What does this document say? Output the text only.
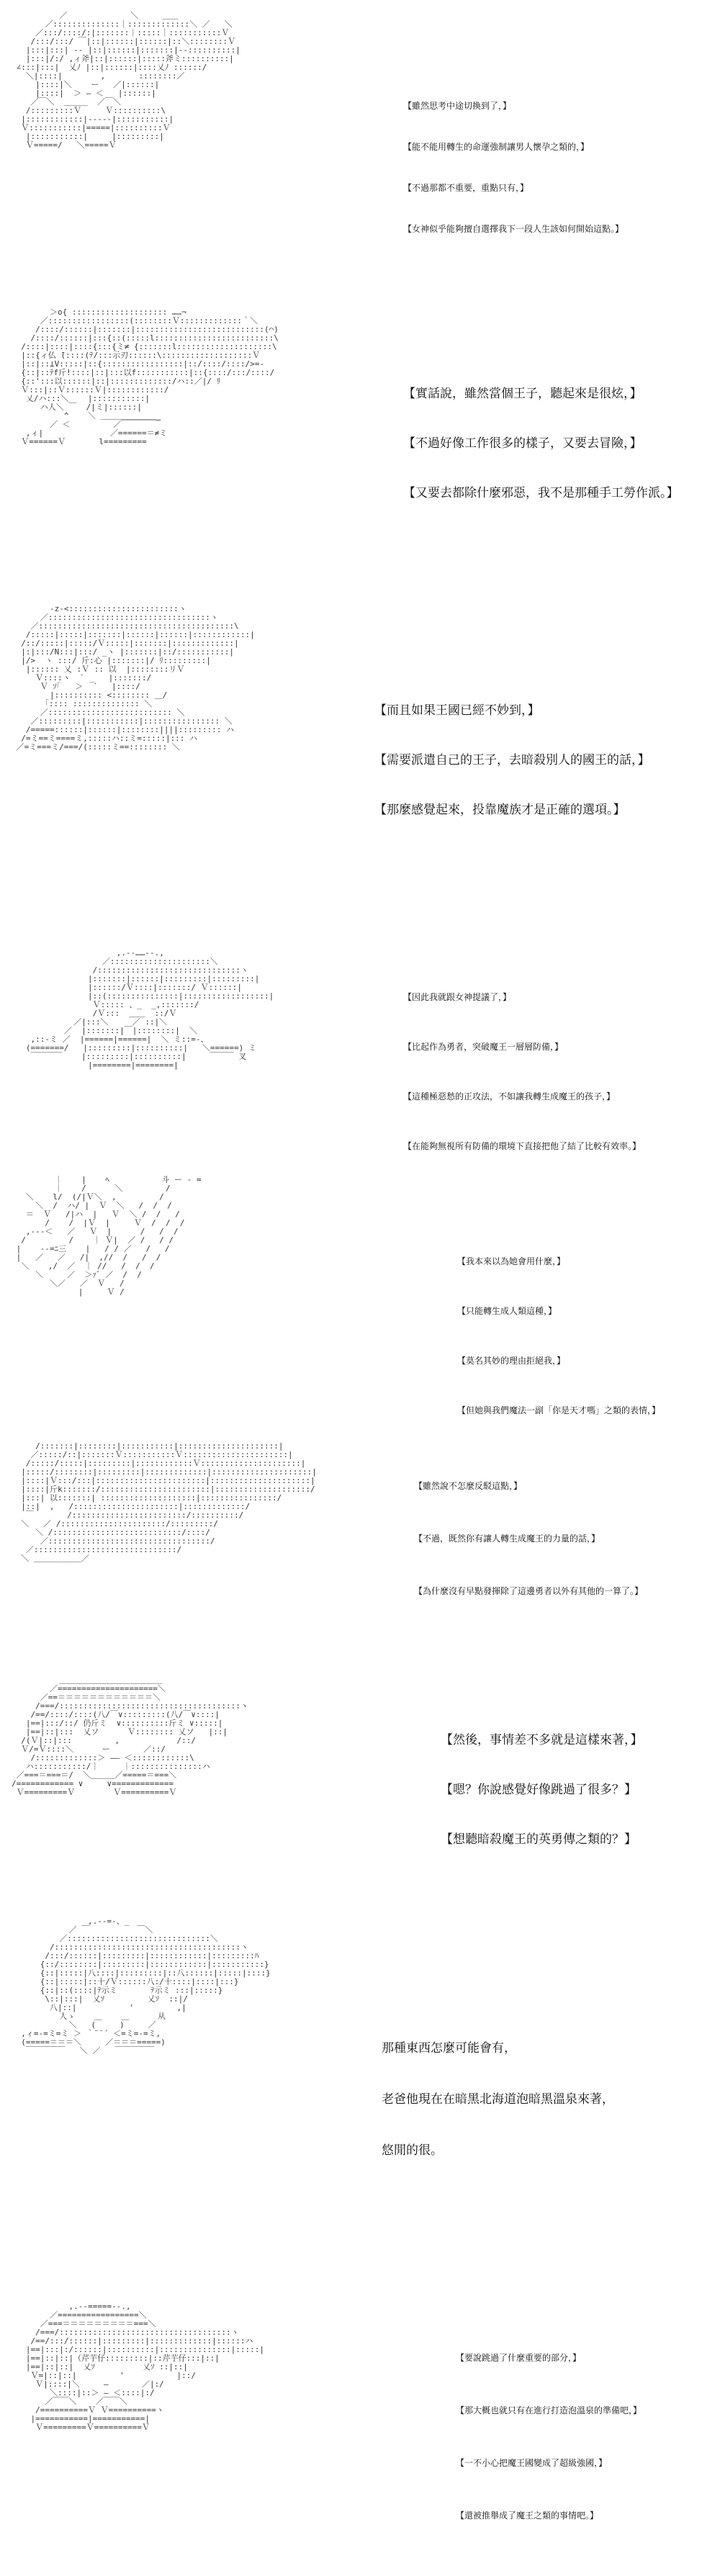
／￣￣￣￣￣￣￣￣＼     ＿＿
／::::::::::::::｜:::::::::::::＼ ／   ＼
／:::/::::/:|:::::::｜:::::｜:::::::::::Ｖ
/:::/:::/ ￣|::|::::::|::::::|::＼::::::::Ｖ
|:::|:::| -‐ |::|::::::|:::::::|-‐::::::::::|
|:::|/:/ ,ィ斧|::|::::::|:::::斧ミ::::::::::|
∠:::|:::|  乂ﾉ |::|::::::|::::乂ﾉ ::::::/
＼|::::|        ,       ::::::::／
|::::|＼    ー   ／|::::::|
|::::|  ＞ ― ＜   |::::::|
／￣＼  ＿＿＿  ／￣＼
/:::::::::Ｖ     Ｖ::::::::::\
|::::::::::::|-----|:::::::::::|
Ｖ:::::::::::|=====|::::::::::Ｖ
|:::::::::::|     |:::::::::|
Ｖ=====/   ＼=====Ｖ
【雖然思考中途切換到了，】
【能不能用轉生的命運強制讓男人懷孕之類的，】
【不過那都不重要，重點只有，】
【女神似乎能夠擅自選擇我下一段人生該如何開始這點。】
＞o{ :::::::::::::::::::: ……¬
／:::::::::::::::::(::::::::Ｖ:::::::::::::｀＼
/::::/::::::|:::::::|:::::::::::::::::::::::::::(⌒)
/::::/::::::|:::{::(:::::l:::::::::::::::::::::::::\
/::::|::::|::::{:::{ミ≠ {:::::::l::::::::::::::::::::\
|::{ィ仏 ̄(::::(ﾃ/:::示刃::::::\:::::::::::::::::::Ｖ
|::|::⊥V:::::|::{:::::::::::::::::|::/::::/::::/>=-
{::|::ﾃf斤!::::|::|:::以f:::::::::::|::{::::/:::/::::/
{::':::以::::::|::|:::::::::::::/ハ::／|/ ﾘ
Ｖ:::|::Ｖ::::::Ｖ|::::::::::::/
乂/ハ:::＼    |:::::::::::|
ハ人＼ ￣  /|ミ|::::::|
^    ＼ ＿＿＿＿＿＿＿_
／ ＜         ／￣￣￣￣￣
,ィ|              ／======＝≠ミ
Ｖ======Ｖ       l=========
【實話說，雖然當個王子，聽起來是很炫，】
【不過好像工作很多的樣子，又要去冒險，】
【又要去都除什麼邪惡，我不是那種手工勞作派。】
-z-<:::::::::::::::::::::::ヽ
／::::::::::::::::::::::::::::::::::ヽ
／:::::::::::::::::::::::::::::::::::::::::\
/:::::|:::::|:::::::|::::::|::::::|::::::::::::|
/::/:::::|:::::/Ｖ:::::|:::::::|:::::::::::::|
|:|:::/N:::|:::/ _ヽ |:::::::|::/:::::::::::|
|/>  ヽ :::/ 斤:心 |:::::::|/ ﾘ:::::::::|
|:::::: 乂 :Ｖ :: 以  |::::::::リＶ
Ｖ::::ヽ  ` _   |:::::::/
Ｖ ｿ｢   ＞  ´   |::::/
|:::::::::: <:::::::: ＿/
｢:::: :::::::::::::: ＼
／:::::::::::::::::::::::::: ＼
／:::::::::|:::::::::::|:::::::::::::::: ＼
/=====::::::|::::::|::::::::||||::::::::: ハ
/=ミ==ミ====ミ,:::::ハ::ミ=:::::|::: ハ
／=ミ===ミ/===/(:::::ミ==:::::::: ＼
【而且如果王國已經不妙到，】
【需要派遣自己的王子，去暗殺別人的國王的話，】
【那麼感覺起來，投靠魔族才是正確的選項。】
,.-‐……‐-.,
／:::::::::::::::::::::＼
/::::::::::::::::::::::::::::::ヽ
|:::::::|::::::|:::::::::|:::::::::|
|::::::/Ｖ::::|:::::::/ Ｖ::::::|
|::(:::::::::::::::|::::::::::::::::::|
Ｖ::::: 、_  _,:::::::/
/Ｖ:::  ＿＿  ::/Ｖ
／|:::＼     ／ ::|＼
／  |:::::::|￣|::::::::|  ＼
,::-ミ ／  |======|======|  ＼ ミ::=-、
(=======/   |:::::::::|::::::::::|   ＼======) ミ
￣￣￣￣    |:::::::::|::::::::::|     ￣￣￣ 叉
|========|========|
【因此我就跟女神提議了，】
【比起作為勇者，突破魔王一層層防備，】
【這種極惡愁的正攻法，不如讓我轉生成魔王的孩子，】
【在能夠無視所有防備的環境下直接把他了結了比較有效率。】
｜    |    ﾍ           斗 ー ‐ =
｜    /      ＼         /
＼    l/  (/|Ｖ＼  ,         /
＼  /  ハ/ |  Ｖ  ＼   /  /  /
＝  Ｖ   /|ハ  |   Ｖ  ＼ /  /   /
/    /  |Ｖ  |     Ｖ  /  /  /
,-‐-＜   ／   Ｖ  |      /   /  /
/         /    ｜ Ｖ|  ／ /   / /
|    -‐=ﾆ三    |   / / ／   /   /
|   ／   ／   /|  ,//  /   /  /
＼    ,/  ／  ｜ //   /  /  /
＼     ／  ＞ｧﾞ ／  /  /
＼／   ／  Ｖ   /
|     Ｖ /
【我本來以為她會用什麼，】
【只能轉生成人類這種，】
【莫名其妙的理由拒絕我，】
【但她與我們魔法一副「你是天才嗎」之類的表情，】
/:::::::|::::::::|:::::::::::|:::::::::::::::::::::|
／:::::/::|:::::::Ｖ:::::::::::Ｖ::::::::::::::::::::::|
/:::::/:::::|:::::::::|::::::::::::Ｖ:::::::::::::::::::::|
|:::::/::::::::|:::::::::|:::::::::::::|:::::::::::::::::::::|
|::::|Ｖ:::/:::|:::::::::::::::::::::::|:::::::::::::::::::::|
|::::|斤k:::::::/:::::::::::::::::::::::|::::::::::::::::::::/
|:::| 以:::::::| ::::::::::::::::::::|::::::::::::::::/
|::|  ,   /::::::::::::::::::::::|:::::::::::::/
￣       /::::::::::::::::::::::::/::::::::::/
＼   ／ /::::::::::::::::::::::/:::::::::/
＼ /:::::::::::::::::::::::::::/::::/
／::::::::::::::::::::::::::::::::::/
／::::::::::::::::::::::::::::::/
＼ ＿＿＿＿＿＿／
【雖然說不怎麼反駁這點，】
【不過，既然你有讓人轉生成魔王的力量的話，】
【為什麼沒有早點發揮除了這邊勇者以外有其他的一算了。】
＿＿＿＿＿＿＿＿＿＿＿＿＿
／=====================＼
／==＝＝＝＝＝＝＝＝＝＝＝＝＼
/===/::::::::::::::::::::::::::::::::::::::ヽ
/==/::::/::::(八/￣∨:::::::::(八/￣∨::::|
|==|:::/::/ 仍斤ミ  ∨::::::::::斤ミ ∨:::::|
|==|::|:::  乂ソ      Ｖ:::::::: 乂ソ   |::|
/(Ｖ|::|:::         ,            /::/
Ｖ/=Ｖ::::＼      ー       ／::/
/:::::::::::::＞ ―― ＜::::::::::::\
ハ:::::::::::/｜     ｜:::::::::::::::ハ
／===＝===＝/  ＼＿＿＿／=====＝===＼
/============ ∨     ∨=============
Ｖ=========Ｖ        Ｖ==========Ｖ
【然後，事情差不多就是這樣來著，】
【嗯？你說感覺好像跳過了很多？】
【想聽暗殺魔王的英勇傳之類的？】
,.-‐=-、_
／ ￣          ￣＼
／::::::::::::::::::::::::::::::＼
/:::::::::::::::::::::::::::::::::::::::ヽ
/:::/::::::|:::::::::|::::::::::::|:::::::::ﾊ
{::/::::::::|:::::::::|::::::::::::|:::::::::::}
{::|:::::|八::::|:::::::::|::八::::::|:::::|::::}
{::|:::::|::十/Ｖ::::::八:/十::::|::::|:::}
{::|::(::::|ﾃ示ミ       ﾃ示ミ :::|:::::}
\::|:::|  乂ｿ         乂ｿ  ::|/
八|::|           '         ,|
人ゝ    ＿    ＿      从
＼   (     )     ／
,ィ=‐=ミ=ミ ＞ ｀¨¨´ ＜=ミ=‐=ミ,
(=====＝＝＝＼     ／＝＝＝=====)
￣￣￣￣￣   ＼ ／   ￣￣￣￣￣	那種東西怎麼可能會有，
老爸他現在在暗黑北海道泡暗黑溫泉來著，
悠閒的很。
,.-‐=====‐-.,
／=================＼
／===＝＝＝＝＝＝＝＝＝===＼
/===/::::::::::::::::::::::::::::::::::::ヽ
/==/:::/::::::|:::::::::|:::::::::::::|::::::ハ
|==|:::|:/::::::|::::::::::|:::::::::::::::|:::::|
|==|::|::|（芹芋仔:::::::::|::芹芋仔:::|::|
|==|::|::|  乂ｿ          乂ｿ ::|::|
Ｖ=|::|::|         '           |::/
Ｖ|::::|＼     ―       ／|:/
＼::::|::＞ ― ＜::::|:/
／￣￣＼    ／￣￣＼
/==========Ｖ Ｖ==========ヽ
|===========|===========|
Ｖ=========Ｖ==========Ｖ
【要說跳過了什麼重要的部分，】
【那大概也就只有在進行打造泡溫泉的準備吧，】
【一不小心把魔王國變成了超級強國，】
【還被推舉成了魔王之類的事情吧。】
